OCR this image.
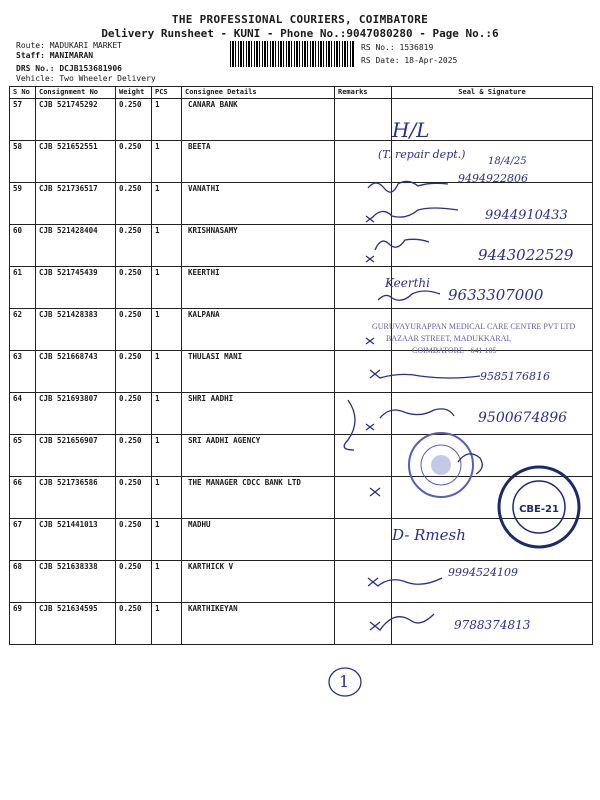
THE PROFESSIONAL COURIERS, COIMBATORE
Delivery Runsheet - KUNI - Phone No.:9047080280 - Page No.:6
Route: MADUKARI MARKET
Staff: MANIMARAN
DRS No.: DCJB153681906
Vehicle: Two Wheeler Delivery
RS No.: 1536819
RS Date: 18-Apr-2025
S No	Consignment No	Weight	PCS	Consignee Details	Remarks	Seal & Signature
57	CJB 521745292	0.250	1	CANARA BANK		
58	CJB 521652551	0.250	1	BEETA		
59	CJB 521736517	0.250	1	VANATHI		
60	CJB 521428404	0.250	1	KRISHNASAMY		
61	CJB 521745439	0.250	1	KEERTHI		
62	CJB 521428383	0.250	1	KALPANA		
63	CJB 521668743	0.250	1	THULASI MANI		
64	CJB 521693807	0.250	1	SHRI AADHI		
65	CJB 521656907	0.250	1	SRI AADHI AGENCY		
66	CJB 521736586	0.250	1	THE MANAGER CDCC BANK LTD		
67	CJB 521441013	0.250	1	MADHU		
68	CJB 521638338	0.250	1	KARTHICK V		
69	CJB 521634595	0.250	1	KARTHIKEYAN		
H/L
(T. repair dept.)
18/4/25
9494922806
9944910433
9443022529
Keerthi
9633307000
9585176816
9500674896
D- Rmesh
9994524109
9788374813
GURUVAYURAPPAN MEDICAL CARE CENTRE PVT LTD
BAZAAR STREET, MADUKKARAI,
COIMBATORE - 641 105
CBE-21
1
